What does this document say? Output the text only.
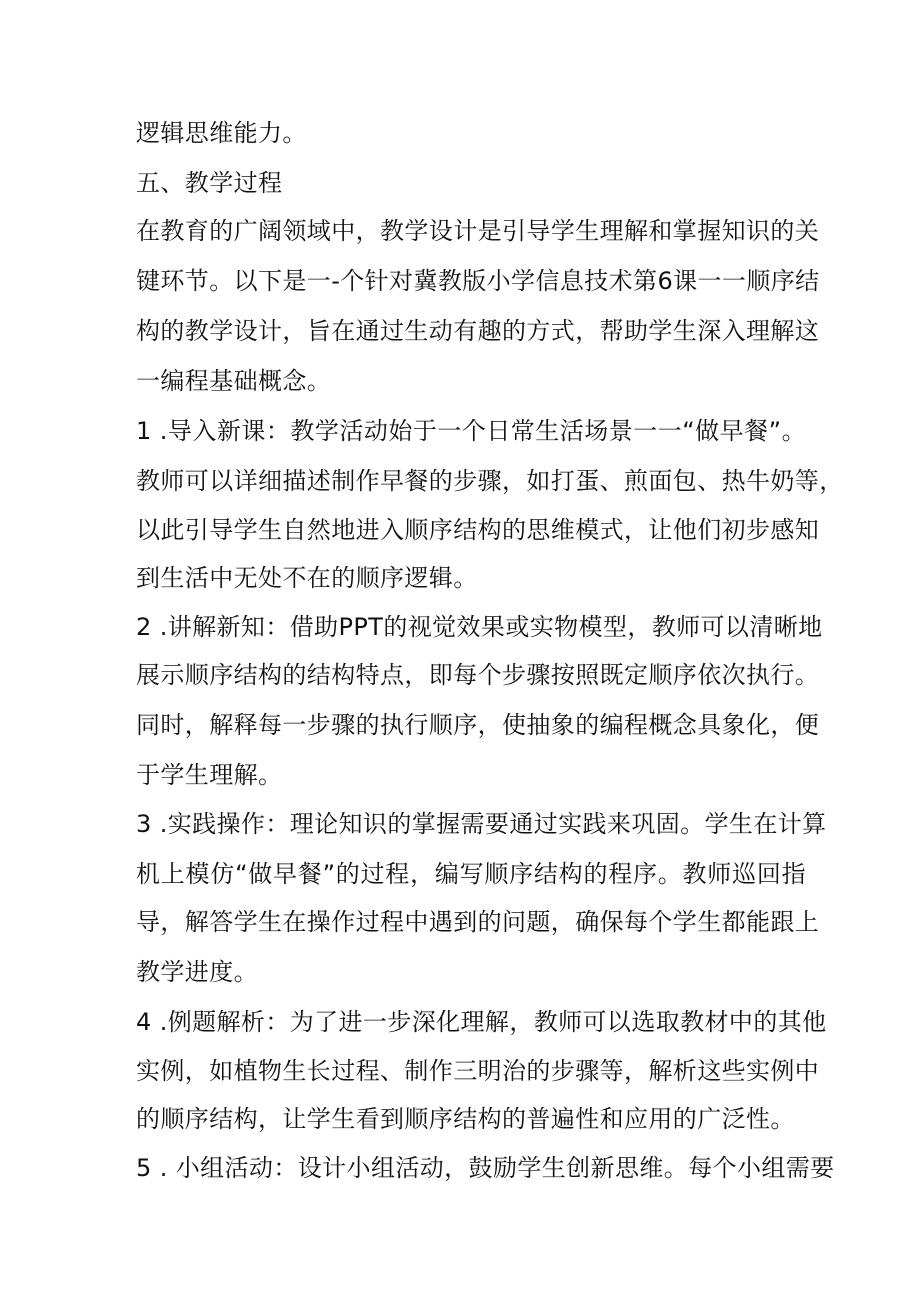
逻辑思维能力。
五、教学过程
在教育的广阔领域中，教学设计是引导学生理解和掌握知识的关
键环节。以下是一-个针对冀教版小学信息技术第6课一一顺序结
构的教学设计，旨在通过生动有趣的方式，帮助学生深入理解这
一编程基础概念。
1 .导入新课：教学活动始于一个日常生活场景一一“做早餐”。
教师可以详细描述制作早餐的步骤，如打蛋、煎面包、热牛奶等，
以此引导学生自然地进入顺序结构的思维模式，让他们初步感知
到生活中无处不在的顺序逻辑。
2 .讲解新知：借助PPT的视觉效果或实物模型，教师可以清晰地
展示顺序结构的结构特点，即每个步骤按照既定顺序依次执行。
同时，解释每一步骤的执行顺序，使抽象的编程概念具象化，便
于学生理解。
3 .实践操作：理论知识的掌握需要通过实践来巩固。学生在计算
机上模仿“做早餐”的过程，编写顺序结构的程序。教师巡回指
导，解答学生在操作过程中遇到的问题，确保每个学生都能跟上
教学进度。
4 .例题解析：为了进一步深化理解，教师可以选取教材中的其他
实例，如植物生长过程、制作三明治的步骤等，解析这些实例中
的顺序结构，让学生看到顺序结构的普遍性和应用的广泛性。
5 . 小组活动：设计小组活动，鼓励学生创新思维。每个小组需要
